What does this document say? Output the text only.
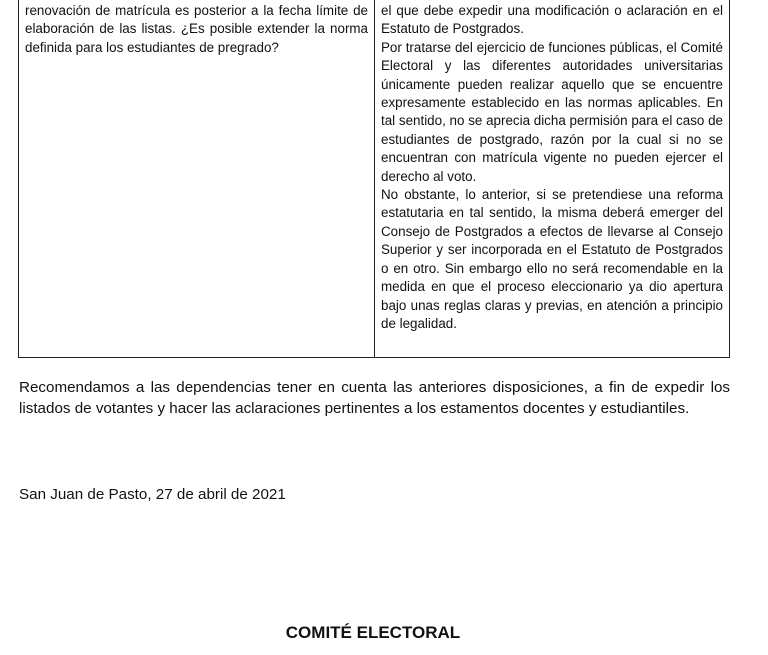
renovación de matrícula es posterior a la fecha límite de elaboración de las listas. ¿Es posible extender la norma definida para los estudiantes de pregrado?

el que debe expedir una modificación o aclaración en el Estatuto de Postgrados.

Por tratarse del ejercicio de funciones públicas, el Comité Electoral y las diferentes autoridades universitarias únicamente pueden realizar aquello que se encuentre expresamente establecido en las normas aplicables. En tal sentido, no se aprecia dicha permisión para el caso de estudiantes de postgrado, razón por la cual si no se encuentran con matrícula vigente no pueden ejercer el derecho al voto.

No obstante, lo anterior, si se pretendiese una reforma estatutaria en tal sentido, la misma deberá emerger del Consejo de Postgrados a efectos de llevarse al Consejo Superior y ser incorporada en el Estatuto de Postgrados o en otro. Sin embargo ello no será recomendable en la medida en que el proceso eleccionario ya dio apertura bajo unas reglas claras y previas, en atención a principio de legalidad.

Recomendamos a las dependencias tener en cuenta las anteriores disposiciones, a fin de expedir los listados de votantes y hacer las aclaraciones pertinentes a los estamentos docentes y estudiantiles.

San Juan de Pasto, 27 de abril de 2021

COMITÉ ELECTORAL
